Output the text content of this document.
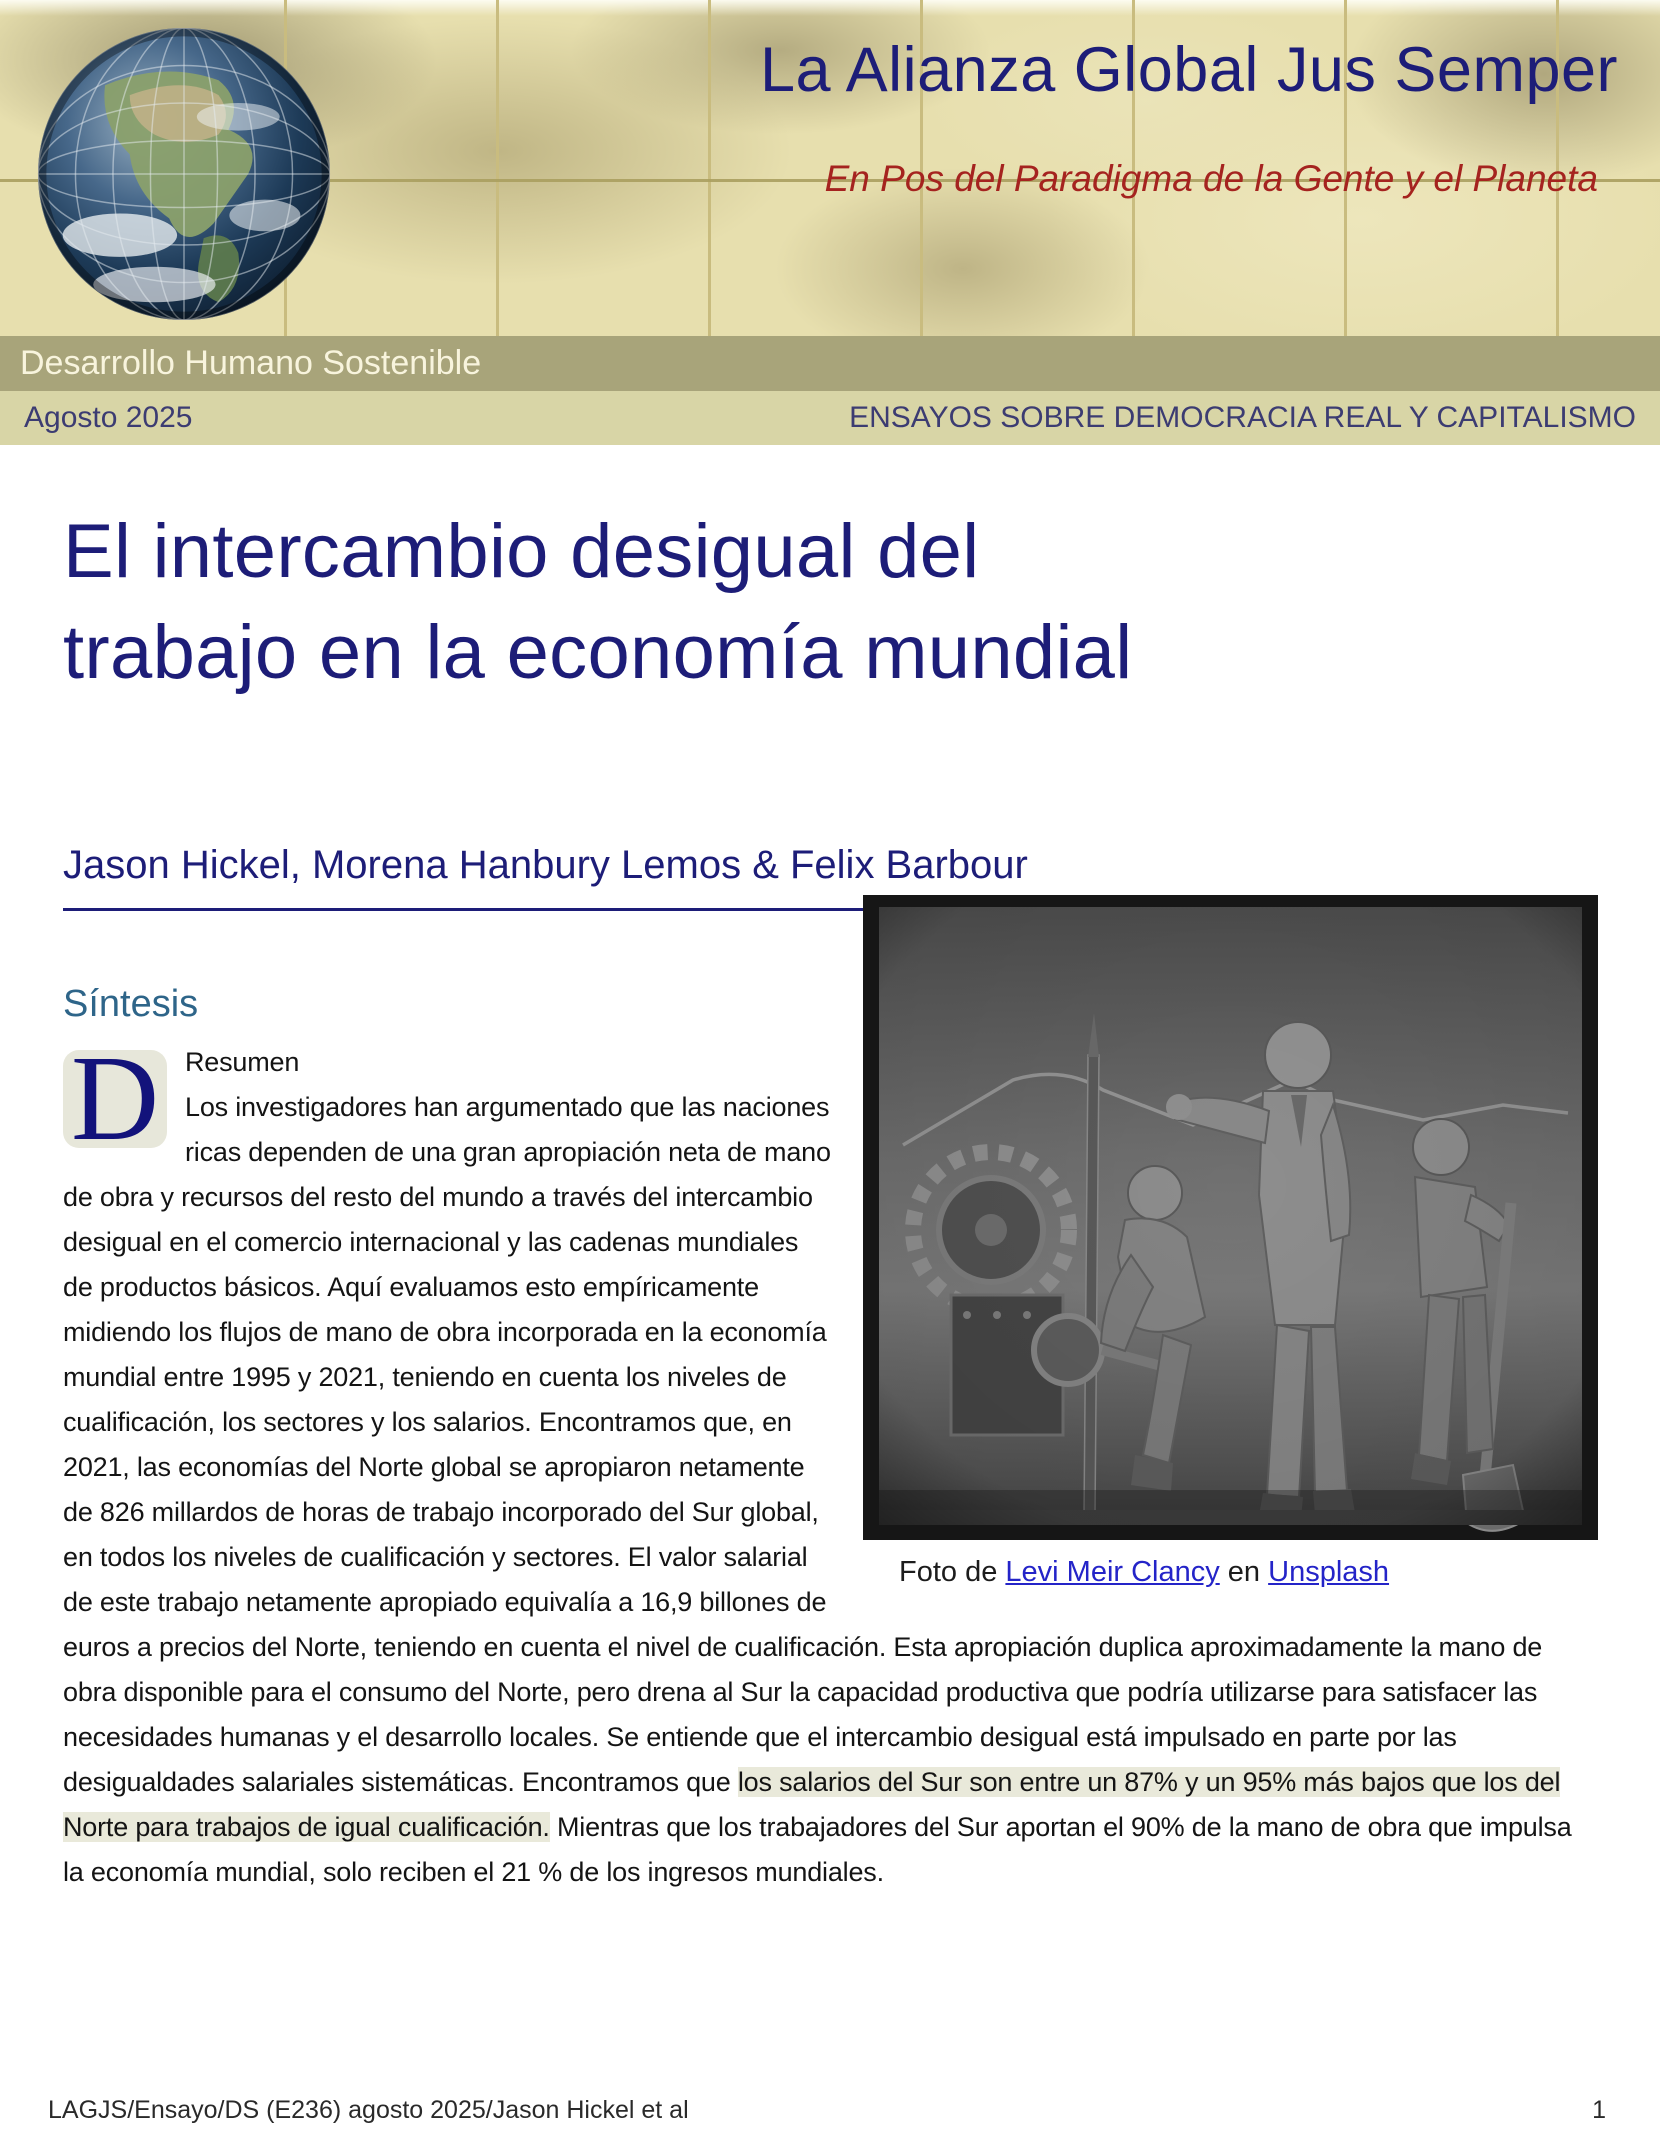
La Alianza Global Jus Semper
En Pos del Paradigma de la Gente y el Planeta
Desarrollo Humano Sostenible
Agosto 2025	ENSAYOS SOBRE DEMOCRACIA REAL Y CAPITALISMO
El intercambio desigual del
trabajo en la economía mundial
Jason Hickel, Morena Hanbury Lemos & Felix Barbour
Foto de Levi Meir Clancy en Unsplash
Síntesis
D Resumen
Los investigadores han argumentado que las naciones ricas dependen de una gran apropiación neta de mano de obra y recursos del resto del mundo a través del intercambio desigual en el comercio internacional y las cadenas mundiales de productos básicos. Aquí evaluamos esto empíricamente midiendo los flujos de mano de obra incorporada en la economía mundial entre 1995 y 2021, teniendo en cuenta los niveles de cualificación, los sectores y los salarios. Encontramos que, en 2021, las economías del Norte global se apropiaron netamente de 826 millardos de horas de trabajo incorporado del Sur global, en todos los niveles de cualificación y sectores. El valor salarial de este trabajo netamente apropiado equivalía a 16,9 billones de euros a precios del Norte, teniendo en cuenta el nivel de cualificación. Esta apropiación duplica aproximadamente la mano de obra disponible para el consumo del Norte, pero drena al Sur la capacidad productiva que podría utilizarse para satisfacer las necesidades humanas y el desarrollo locales. Se entiende que el intercambio desigual está impulsado en parte por las desigualdades salariales sistemáticas. Encontramos que los salarios del Sur son entre un 87% y un 95% más bajos que los del Norte para trabajos de igual cualificación. Mientras que los trabajadores del Sur aportan el 90% de la mano de obra que impulsa la economía mundial, solo reciben el 21 % de los ingresos mundiales.

LAGJS/Ensayo/DS (E236) agosto 2025/Jason Hickel et al	1
